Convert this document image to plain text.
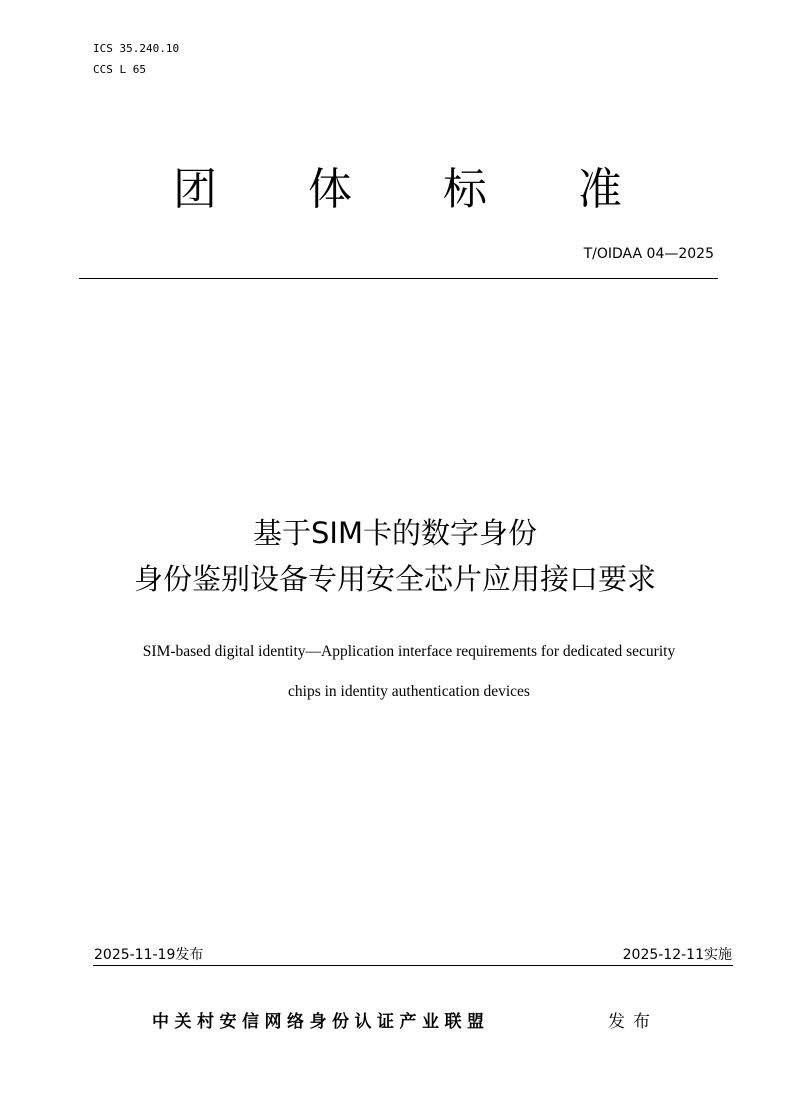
ICS 35.240.10
CCS L 65
团 体 标 准
T/OIDAA 04—2025
基于SIM卡的数字身份
身份鉴别设备专用安全芯片应用接口要求
SIM-based digital identity—Application interface requirements for dedicated security
chips in identity authentication devices
2025-11-19发布	2025-12-11实施
中关村安信网络身份认证产业联盟	发布
